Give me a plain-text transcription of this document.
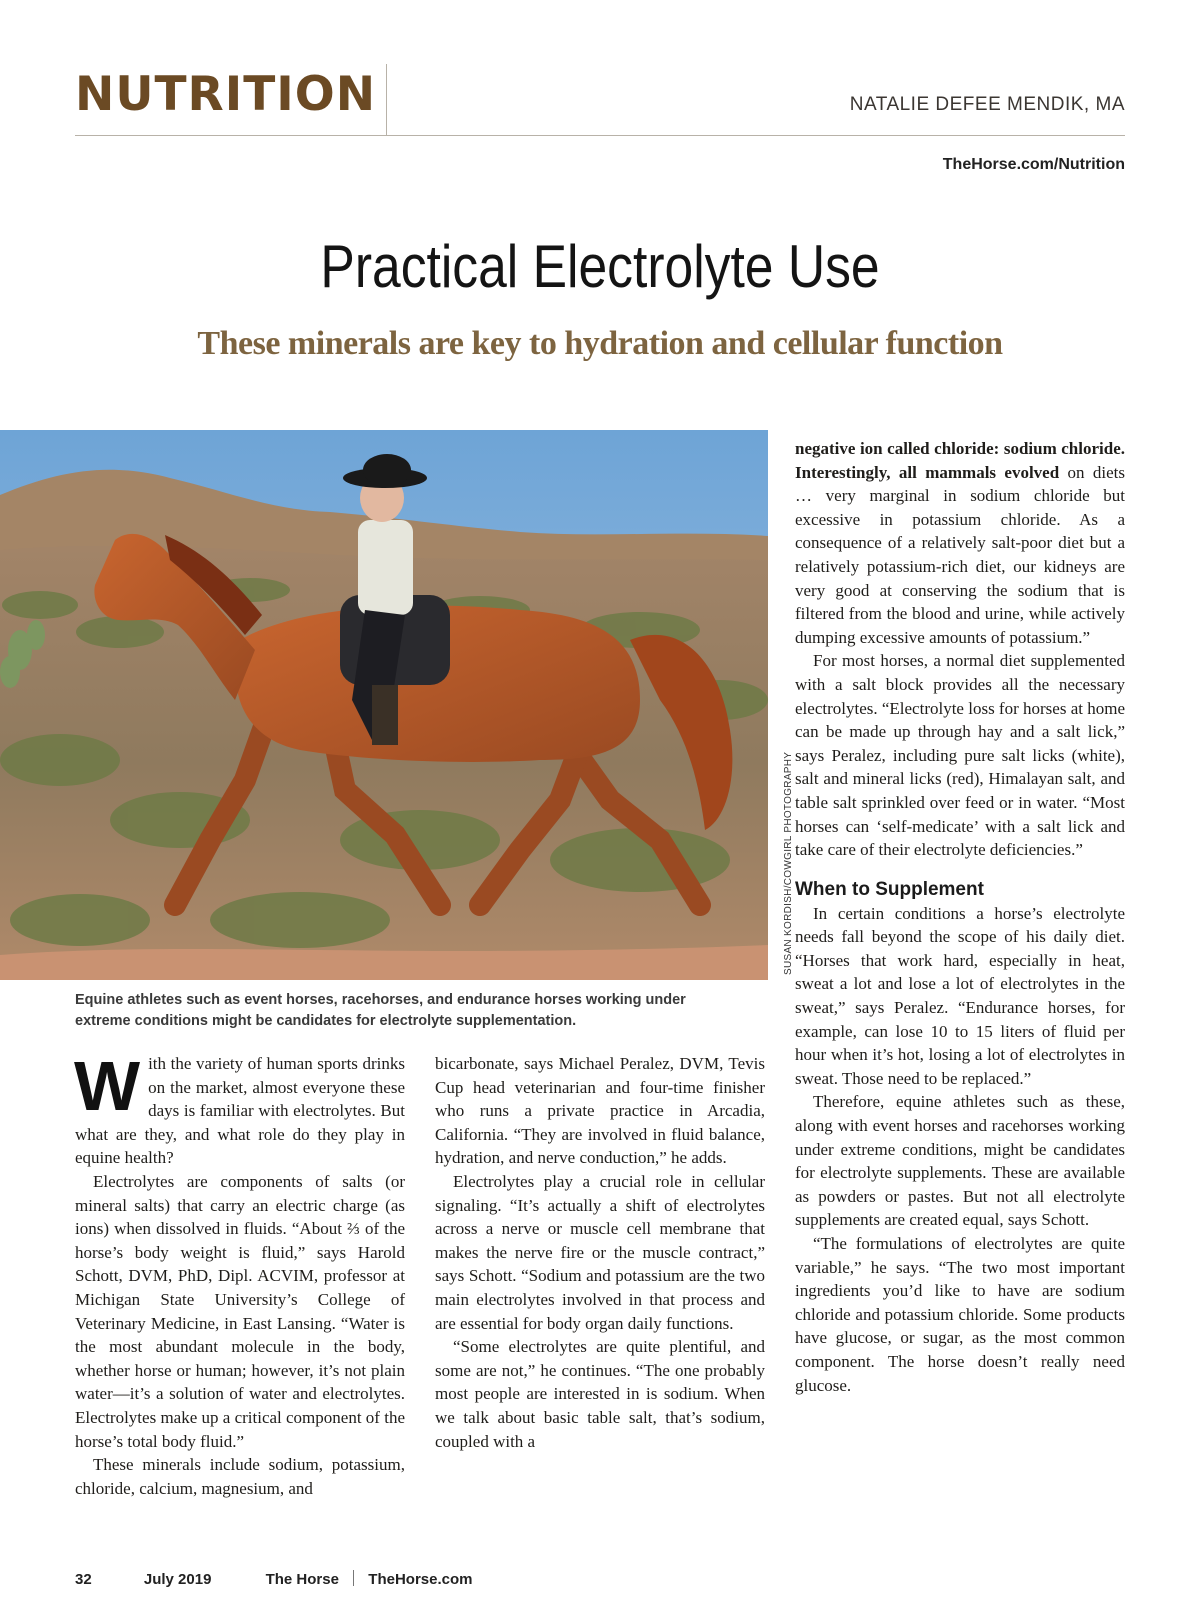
NUTRITION	NATALIE DEFEE MENDIK, MA
TheHorse.com/Nutrition
Practical Electrolyte Use
These minerals are key to hydration and cellular function
SUSAN KORDISH/COWGIRL PHOTOGRAPHY

Equine athletes such as event horses, racehorses, and endurance horses working under extreme conditions might be candidates for electrolyte supplementation.

With the variety of human sports drinks on the market, almost everyone these days is familiar with electrolytes. But what are they, and what role do they play in equine health?

Electrolytes are components of salts (or mineral salts) that carry an electric charge (as ions) when dissolved in fluids. “About ⅔ of the horse’s body weight is fluid,” says Harold Schott, DVM, PhD, Dipl. ACVIM, professor at Michigan State University’s College of Veterinary Medicine, in East Lansing. “Water is the most abundant molecule in the body, whether horse or human; however, it’s not plain water—it’s a solution of water and electrolytes. Electrolytes make up a critical component of the horse’s total body fluid.”

These minerals include sodium, potassium, chloride, calcium, magnesium, and

bicarbonate, says Michael Peralez, DVM, Tevis Cup head veterinarian and four-time finisher who runs a private practice in Arcadia, California. “They are involved in fluid balance, hydration, and nerve conduction,” he adds.

Electrolytes play a crucial role in cellular signaling. “It’s actually a shift of electrolytes across a nerve or muscle cell membrane that makes the nerve fire or the muscle contract,” says Schott. “Sodium and potassium are the two main electrolytes involved in that process and are essential for body organ daily functions.

“Some electrolytes are quite plentiful, and some are not,” he continues. “The one probably most people are interested in is sodium. When we talk about basic table salt, that’s sodium, coupled with a

negative ion called chloride: sodium chloride. Interestingly, all mammals evolved on diets … very marginal in sodium chloride but excessive in potassium chloride. As a consequence of a relatively salt-poor diet but a relatively potassium-rich diet, our kidneys are very good at conserving the sodium that is filtered from the blood and urine, while actively dumping excessive amounts of potassium.”

For most horses, a normal diet supplemented with a salt block provides all the necessary electrolytes. “Electrolyte loss for horses at home can be made up through hay and a salt lick,” says Peralez, including pure salt licks (white), salt and mineral licks (red), Himalayan salt, and table salt sprinkled over feed or in water. “Most horses can ‘self-medicate’ with a salt lick and take care of their electrolyte deficiencies.”

When to Supplement

In certain conditions a horse’s electrolyte needs fall beyond the scope of his daily diet. “Horses that work hard, especially in heat, sweat a lot and lose a lot of electrolytes in the sweat,” says Peralez. “Endurance horses, for example, can lose 10 to 15 liters of fluid per hour when it’s hot, losing a lot of electrolytes in sweat. Those need to be replaced.”

Therefore, equine athletes such as these, along with event horses and racehorses working under extreme conditions, might be candidates for electrolyte supplements. These are available as powders or pastes. But not all electrolyte supplements are created equal, says Schott.

“The formulations of electrolytes are quite variable,” he says. “The two most important ingredients you’d like to have are sodium chloride and potassium chloride. Some products have glucose, or sugar, as the most common component. The horse doesn’t really need glucose.

32	July 2019	The Horse TheHorse.com
